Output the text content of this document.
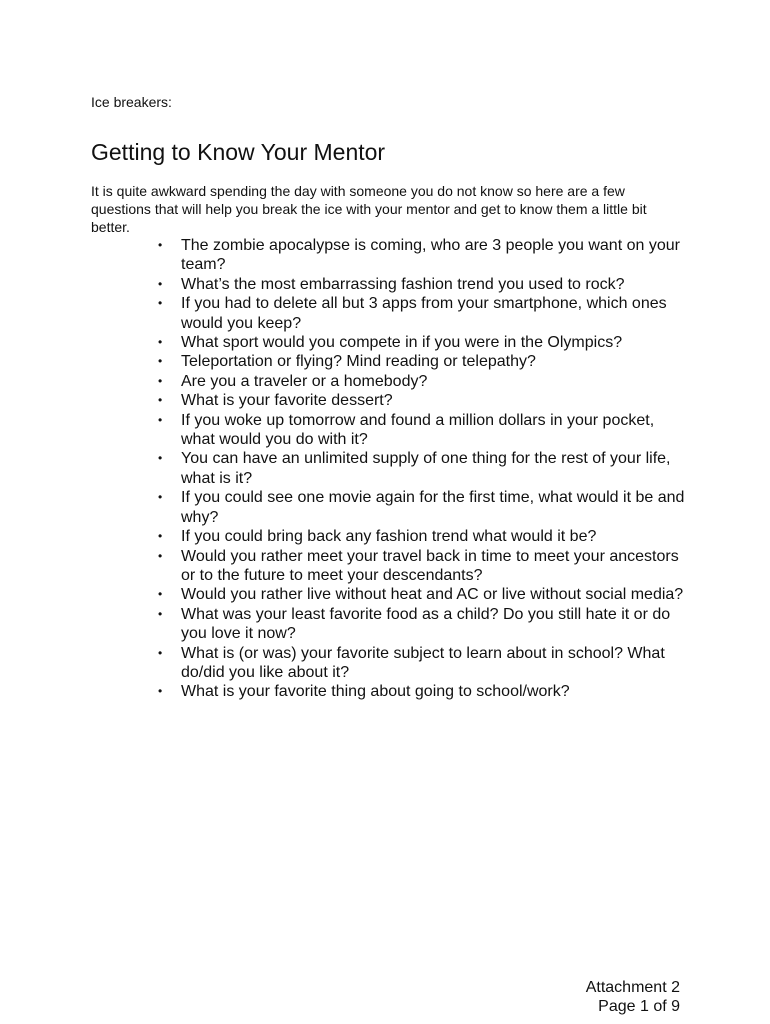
Ice breakers:
Getting to Know Your Mentor

It is quite awkward spending the day with someone you do not know so here are a few questions that will help you break the ice with your mentor and get to know them a little bit better.

• The zombie apocalypse is coming, who are 3 people you want on your team?
• What’s the most embarrassing fashion trend you used to rock?
• If you had to delete all but 3 apps from your smartphone, which ones would you keep?
• What sport would you compete in if you were in the Olympics?
• Teleportation or flying? Mind reading or telepathy?
• Are you a traveler or a homebody?
• What is your favorite dessert?
• If you woke up tomorrow and found a million dollars in your pocket, what would you do with it?
• You can have an unlimited supply of one thing for the rest of your life, what is it?
• If you could see one movie again for the first time, what would it be and why?
• If you could bring back any fashion trend what would it be?
• Would you rather meet your travel back in time to meet your ancestors or to the future to meet your descendants?
• Would you rather live without heat and AC or live without social media?
• What was your least favorite food as a child? Do you still hate it or do you love it now?
• What is (or was) your favorite subject to learn about in school? What do/did you like about it?
• What is your favorite thing about going to school/work?
Attachment 2
Page 1 of 9
